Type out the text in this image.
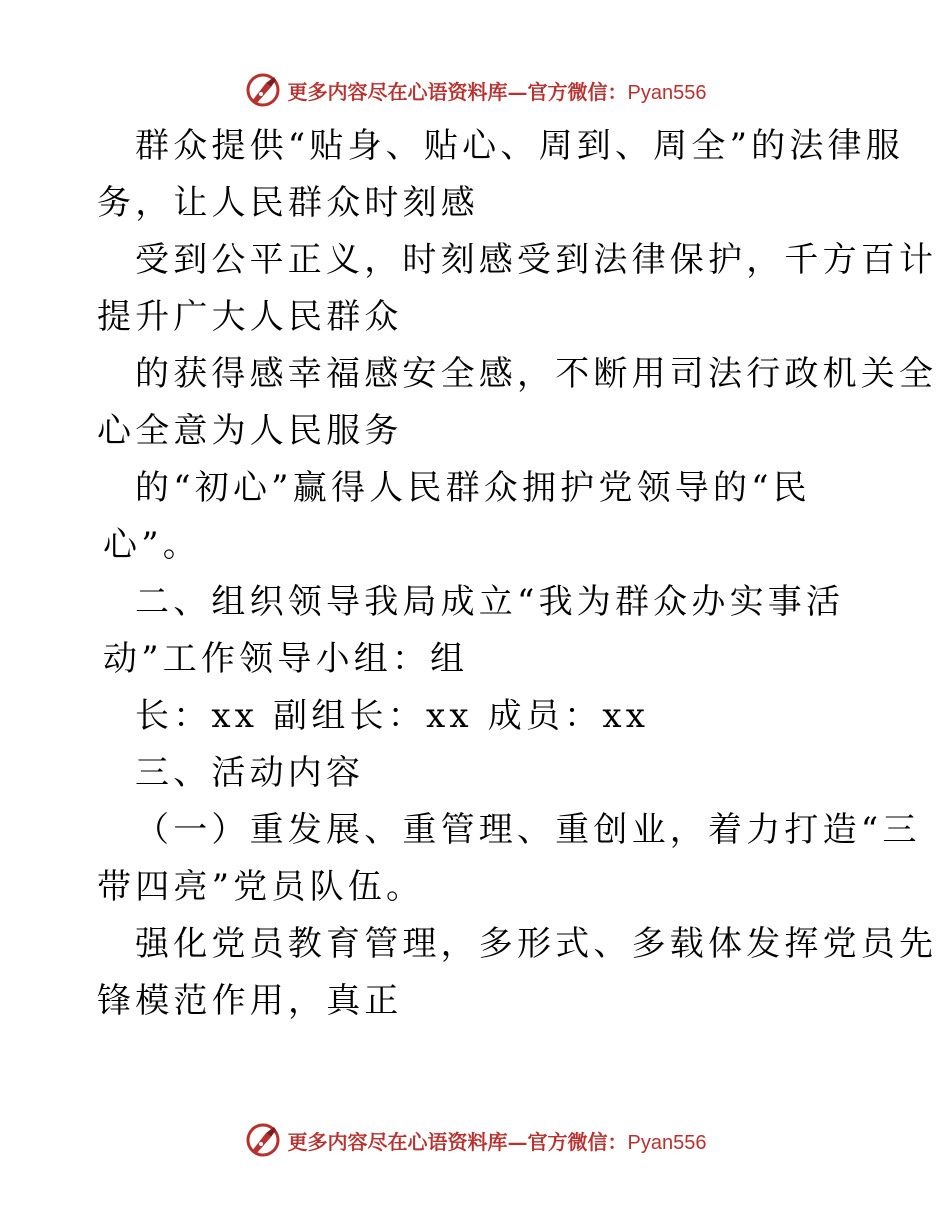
更多内容尽在心语资料库—官方微信：Pyan556
群众提供“贴身、贴心、周到、周全”的法律服
务，让人民群众时刻感
受到公平正义，时刻感受到法律保护，千方百计
提升广大人民群众
的获得感幸福感安全感，不断用司法行政机关全
心全意为人民服务
的“初心”赢得人民群众拥护党领导的“民
心”。
二、组织领导我局成立“我为群众办实事活
动”工作领导小组：组
长：xx 副组长：xx 成员：xx
三、活动内容
（一）重发展、重管理、重创业，着力打造“三
带四亮”党员队伍。
强化党员教育管理，多形式、多载体发挥党员先
锋模范作用，真正
更多内容尽在心语资料库—官方微信：Pyan556
